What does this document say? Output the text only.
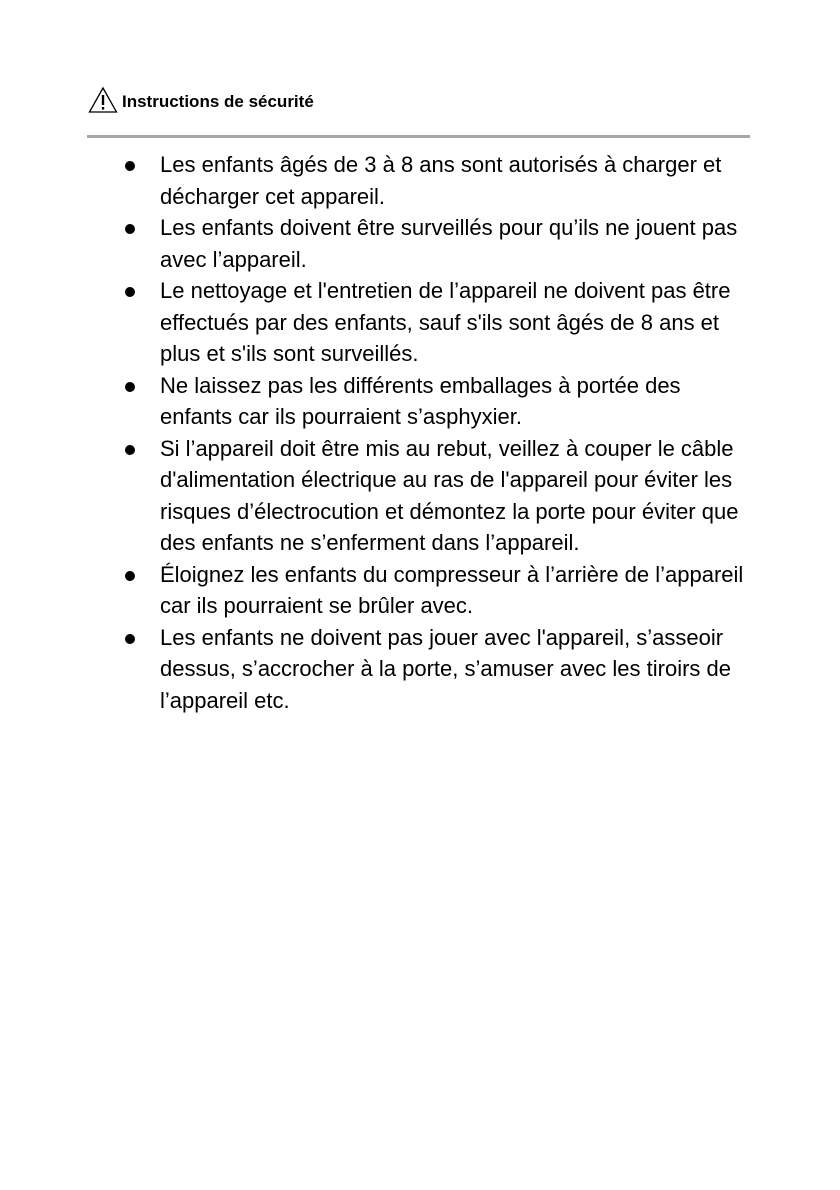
Instructions de sécurité
Les enfants âgés de 3 à 8 ans sont autorisés à charger et décharger cet appareil.
Les enfants doivent être surveillés pour qu’ils ne jouent pas avec l’appareil.
Le nettoyage et l'entretien de l’appareil ne doivent pas être effectués par des enfants, sauf s'ils sont âgés de 8 ans et plus et s'ils sont surveillés.
Ne laissez pas les différents emballages à portée des enfants car ils pourraient s’asphyxier.
Si l’appareil doit être mis au rebut, veillez à couper le câble d'alimentation électrique au ras de l'appareil pour éviter les risques d’électrocution et démontez la porte pour éviter que des enfants ne s’enferment dans l’appareil.
Éloignez les enfants du compresseur à l’arrière de l’appareil car ils pourraient se brûler avec.
Les enfants ne doivent pas jouer avec l'appareil, s’asseoir dessus, s’accrocher à la porte, s’amuser avec les tiroirs de l’appareil etc.
